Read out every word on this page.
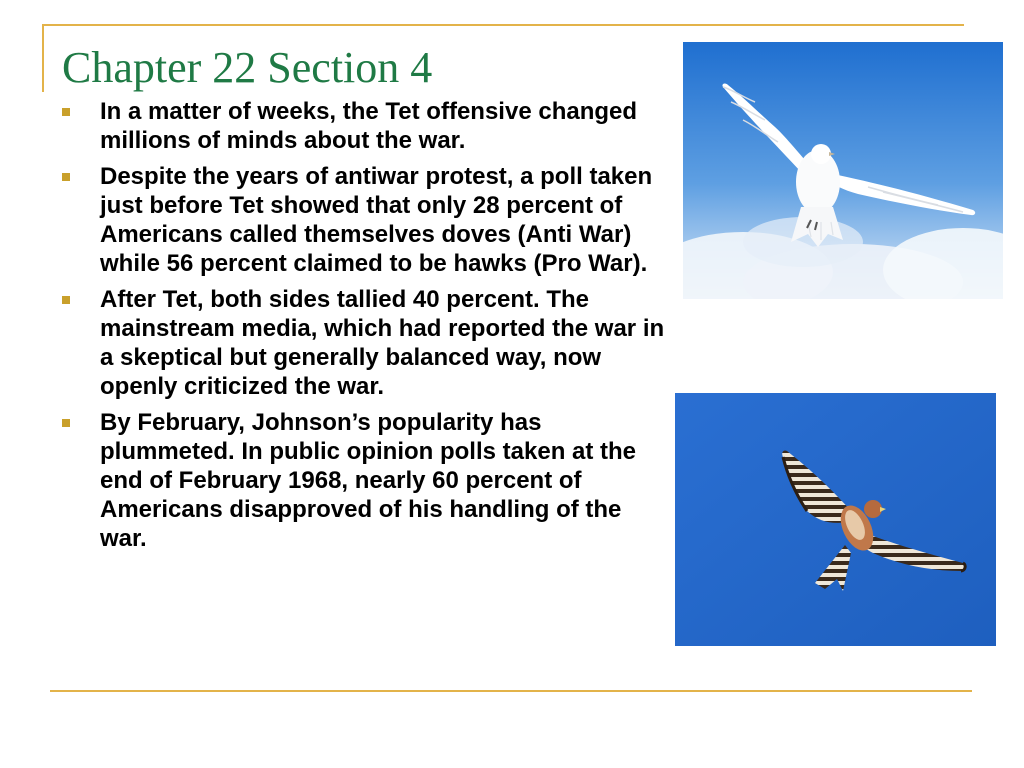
Chapter 22 Section 4
In a matter of weeks, the Tet offensive changed millions of minds about the war.
Despite the years of antiwar protest, a poll taken just before Tet showed that only 28 percent of Americans called themselves doves (Anti War) while 56 percent claimed to be hawks (Pro War).
After Tet, both sides tallied 40 percent. The mainstream media, which had reported the war in a skeptical but generally balanced way, now openly criticized the war.
By February, Johnson’s popularity has plummeted. In public opinion polls taken at the end of February 1968, nearly 60 percent of Americans disapproved of his handling of the war.
